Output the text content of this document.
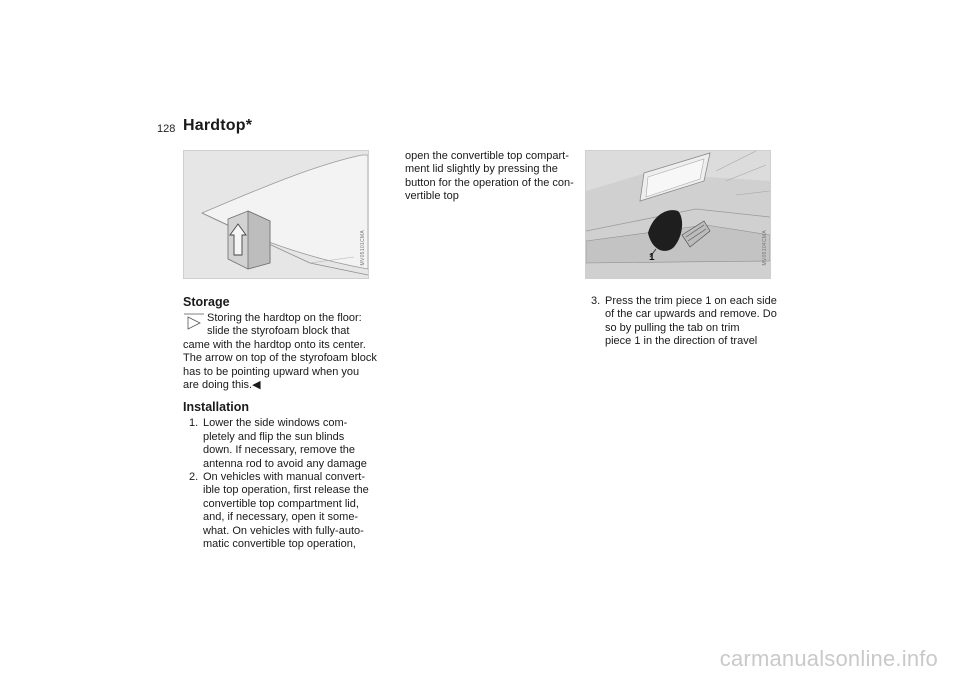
128 Hardtop*
MV05101CMA	1	MV05104CMA
Storage

Storing the hardtop on the floor:
slide the styrofoam block that
came with the hardtop onto its center.
The arrow on top of the styrofoam block
has to be pointing upward when you
are doing this.◀

Installation
1. Lower the side windows com-
pletely and flip the sun blinds
down. If necessary, remove the
antenna rod to avoid any damage
2. On vehicles with manual convert-
ible top operation, first release the
convertible top compartment lid,
and, if necessary, open it some-
what. On vehicles with fully-auto-
matic convertible top operation,

open the convertible top compart-
ment lid slightly by pressing the
button for the operation of the con-
vertible top

3. Press the trim piece 1 on each side
of the car upwards and remove. Do
so by pulling the tab on trim
piece 1 in the direction of travel
carmanualsonline.info
